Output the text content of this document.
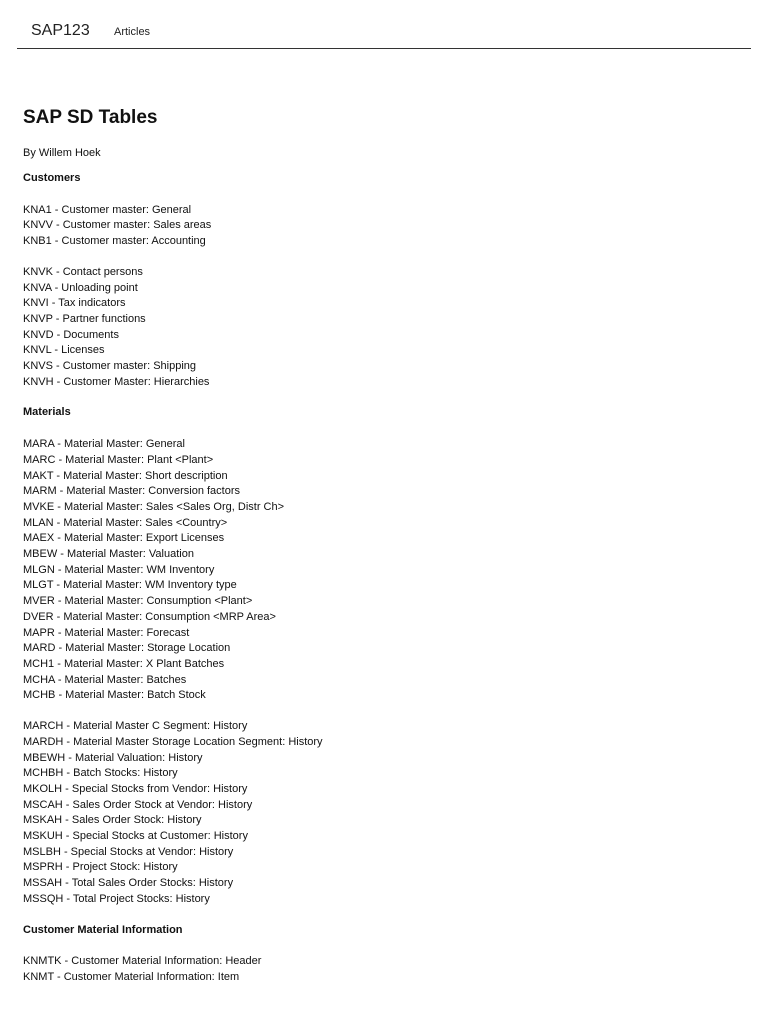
SAP123 Articles
SAP SD Tables
By Willem Hoek
Customers
KNA1 - Customer master: General
KNVV - Customer master: Sales areas
KNB1 - Customer master: Accounting
KNVK - Contact persons
KNVA - Unloading point
KNVI - Tax indicators
KNVP - Partner functions
KNVD - Documents
KNVL - Licenses
KNVS - Customer master: Shipping
KNVH - Customer Master: Hierarchies
Materials
MARA - Material Master: General
MARC - Material Master: Plant <Plant>
MAKT - Material Master: Short description
MARM - Material Master: Conversion factors
MVKE - Material Master: Sales <Sales Org, Distr Ch>
MLAN - Material Master: Sales <Country>
MAEX - Material Master: Export Licenses
MBEW - Material Master: Valuation
MLGN - Material Master: WM Inventory
MLGT - Material Master: WM Inventory type
MVER - Material Master: Consumption <Plant>
DVER - Material Master: Consumption <MRP Area>
MAPR - Material Master: Forecast
MARD - Material Master: Storage Location
MCH1 - Material Master: X Plant Batches
MCHA - Material Master: Batches
MCHB - Material Master: Batch Stock
MARCH - Material Master C Segment: History
MARDH - Material Master Storage Location Segment: History
MBEWH - Material Valuation: History
MCHBH - Batch Stocks: History
MKOLH - Special Stocks from Vendor: History
MSCAH - Sales Order Stock at Vendor: History
MSKAH - Sales Order Stock: History
MSKUH - Special Stocks at Customer: History
MSLBH - Special Stocks at Vendor: History
MSPRH - Project Stock: History
MSSAH - Total Sales Order Stocks: History
MSSQH - Total Project Stocks: History
Customer Material Information
KNMTK - Customer Material Information: Header
KNMT - Customer Material Information: Item
